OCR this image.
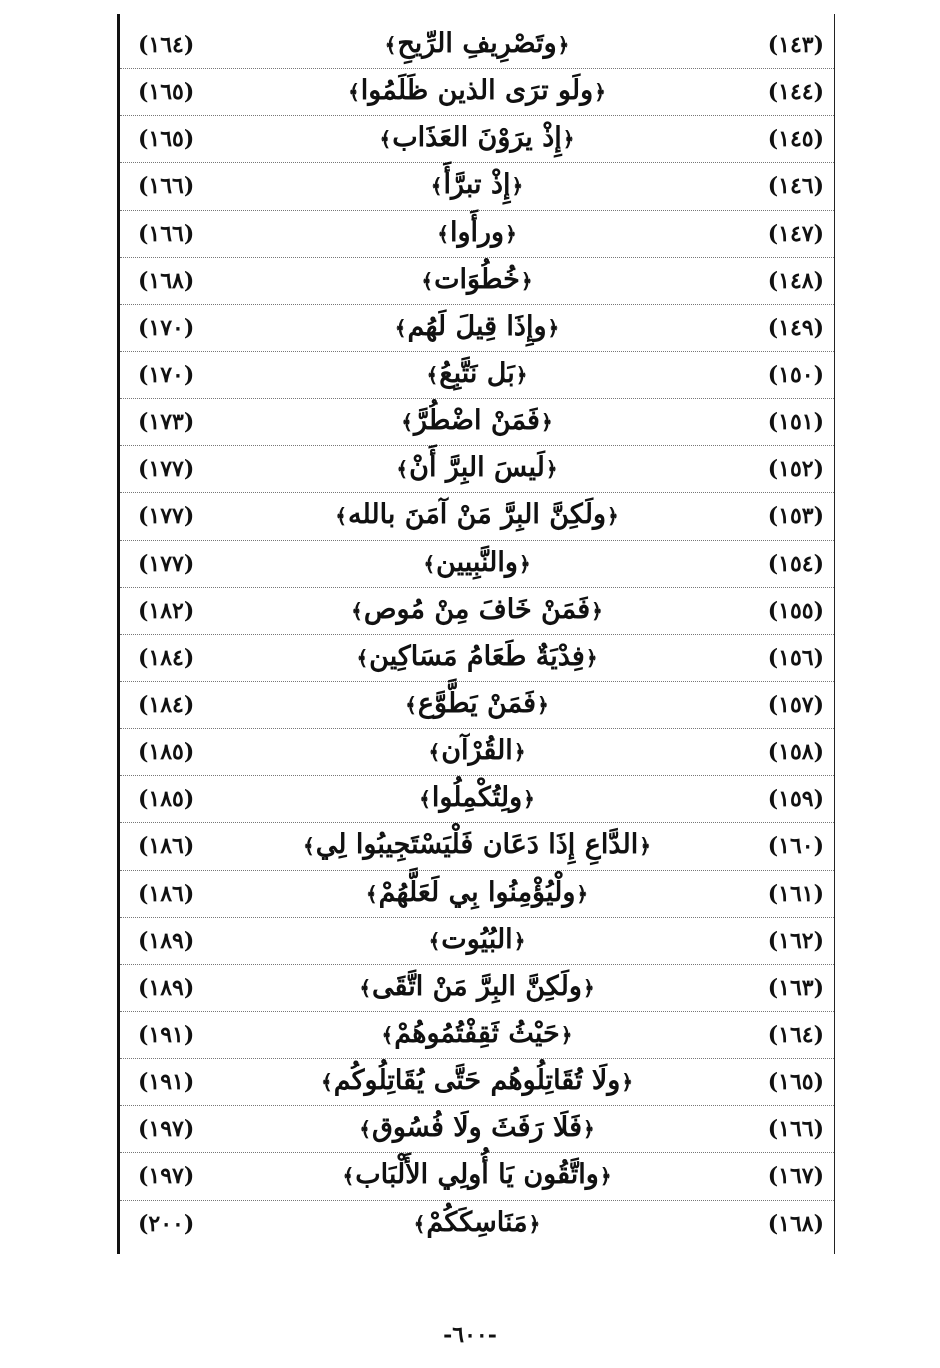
(١٤٣)
﴿وتَصْرِيفِ الرِّيحِ﴾
(١٦٤)
(١٤٤)
﴿ولَو ترَى الذين ظَلَمُوا﴾
(١٦٥)
(١٤٥)
﴿إِذْ يرَوْنَ العَذَاب﴾
(١٦٥)
(١٤٦)
﴿إِذْ تبرَّأَ﴾
(١٦٦)
(١٤٧)
﴿ورأَوا﴾
(١٦٦)
(١٤٨)
﴿خُطُوَات﴾
(١٦٨)
(١٤٩)
﴿وإِذَا قِيلَ لَهُم﴾
(١٧٠)
(١٥٠)
﴿بَل نَتَّبِعُ﴾
(١٧٠)
(١٥١)
﴿فَمَنْ اضْطُرَّ﴾
(١٧٣)
(١٥٢)
﴿لَيسَ البِرَّ أَنْ﴾
(١٧٧)
(١٥٣)
﴿ولَكِنَّ البِرَّ مَنْ آمَنَ بالله﴾
(١٧٧)
(١٥٤)
﴿والنَّبِيين﴾
(١٧٧)
(١٥٥)
﴿فَمَنْ خَافَ مِنْ مُوص﴾
(١٨٢)
(١٥٦)
﴿فِدْيَةٌ طَعَامُ مَسَاكِين﴾
(١٨٤)
(١٥٧)
﴿فَمَنْ يَطَّوَّع﴾
(١٨٤)
(١٥٨)
﴿القُرْآن﴾
(١٨٥)
(١٥٩)
﴿ولِتُكْمِلُوا﴾
(١٨٥)
(١٦٠)
﴿الدَّاعِ إِذَا دَعَان فَلْيَسْتَجِيبُوا لِي﴾
(١٨٦)
(١٦١)
﴿ولْيُؤْمِنُوا بِي لَعَلَّهُمْ﴾
(١٨٦)
(١٦٢)
﴿البُيُوت﴾
(١٨٩)
(١٦٣)
﴿ولَكِنَّ البِرَّ مَنْ اتَّقَى﴾
(١٨٩)
(١٦٤)
﴿حَيْثُ ثَقِفْتُمُوهُمْ﴾
(١٩١)
(١٦٥)
﴿ولَا تُقَاتِلُوهُم حَتَّى يُقَاتِلُوكُم﴾
(١٩١)
(١٦٦)
﴿فَلَا رَفَثَ ولَا فُسُوق﴾
(١٩٧)
(١٦٧)
﴿واتَّقُون يَا أُولِي الأَلْبَاب﴾
(١٩٧)
(١٦٨)
﴿مَنَاسِكَكُمْ﴾
(٢٠٠)
-٦٠٠-
